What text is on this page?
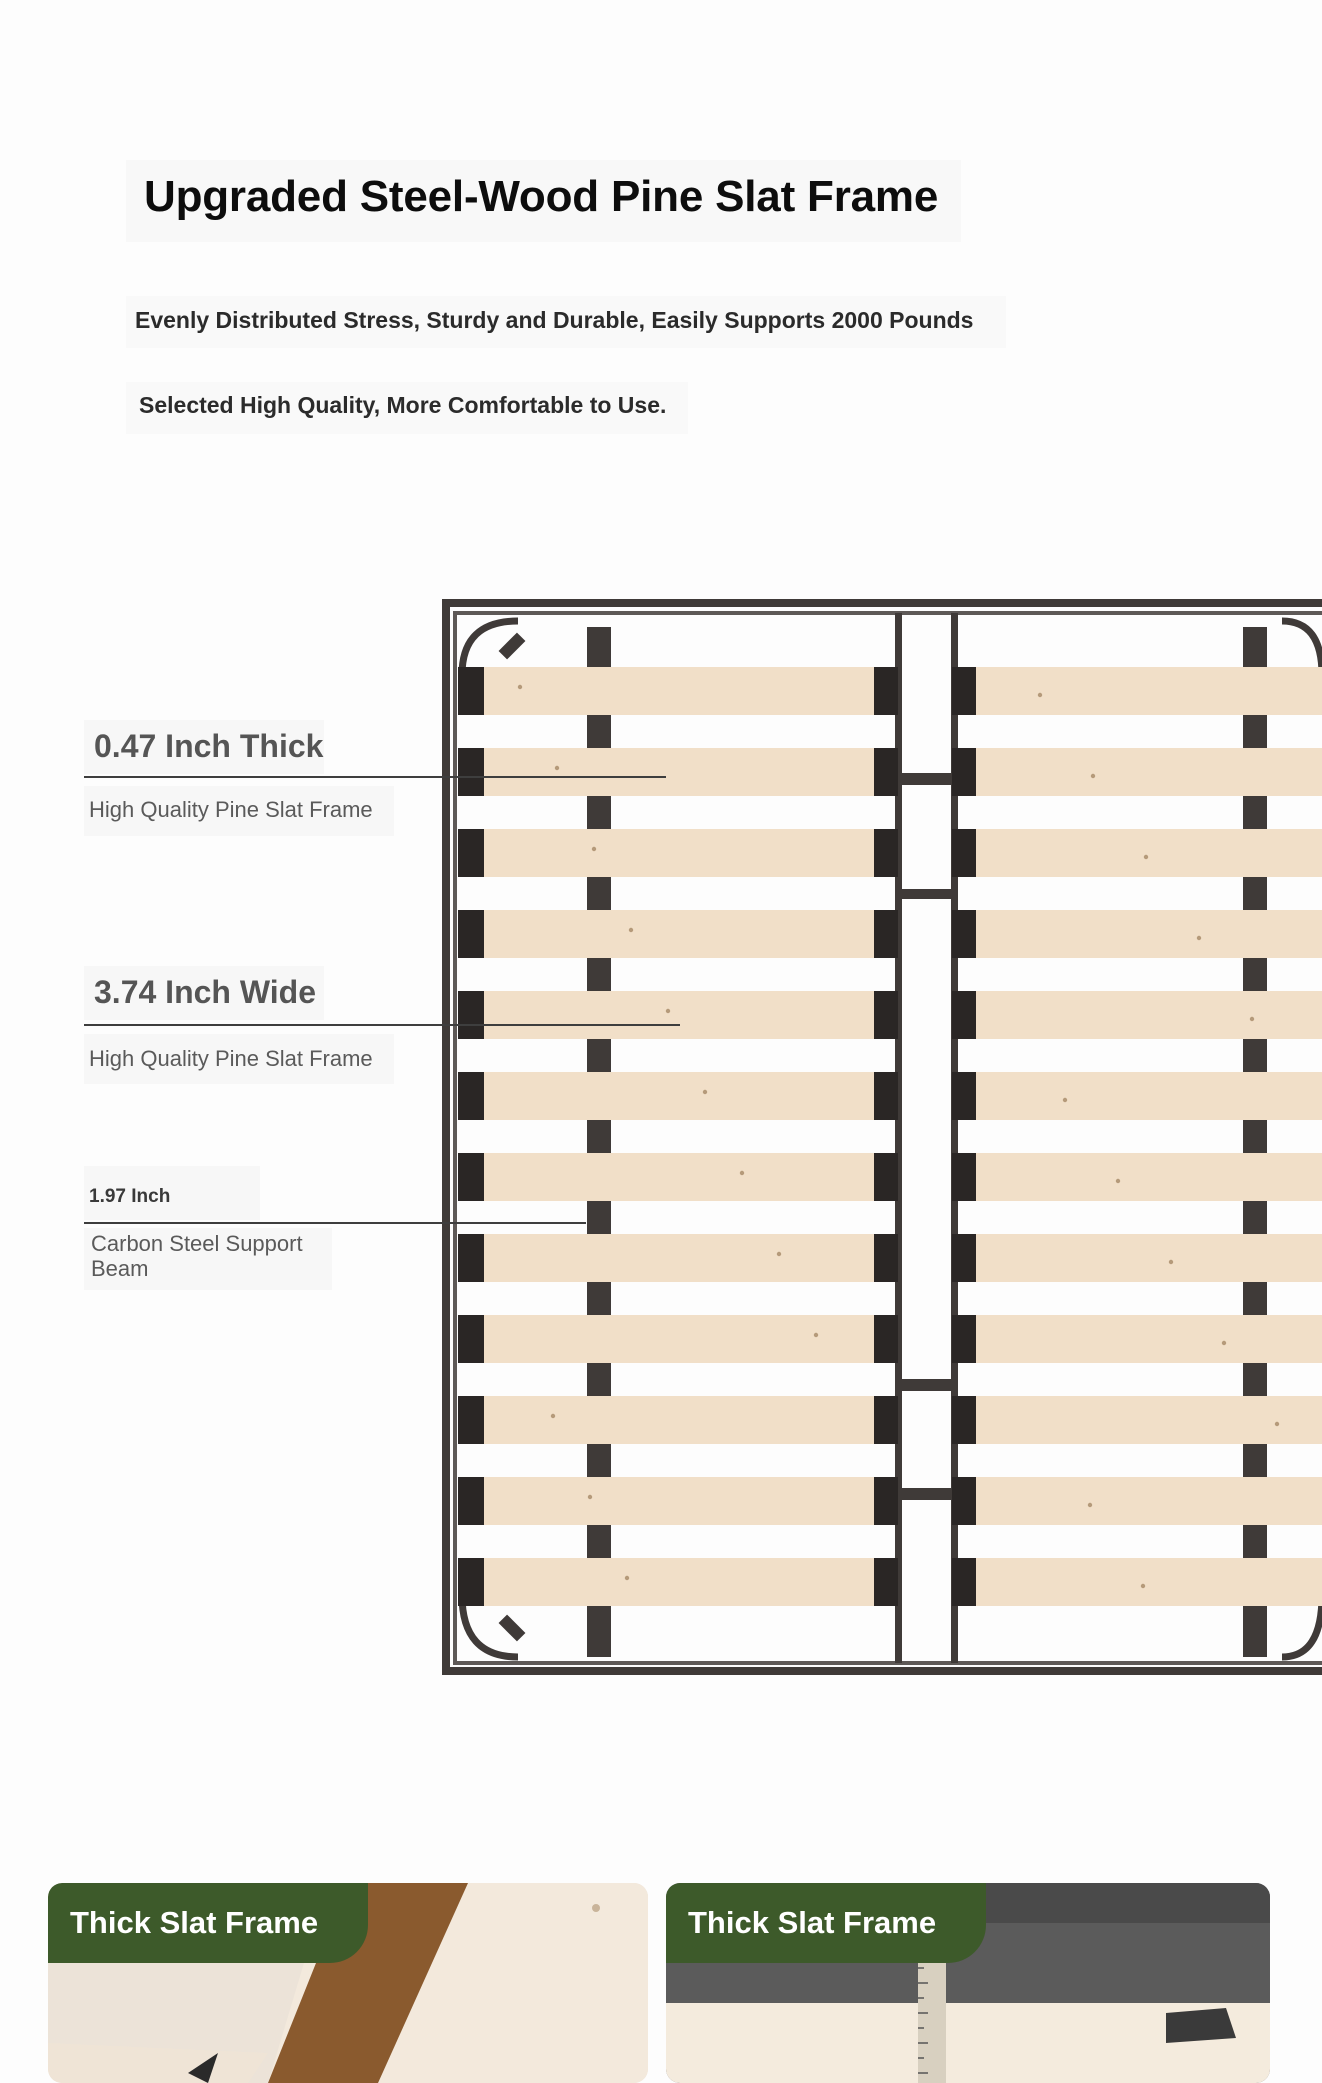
Upgraded Steel-Wood Pine Slat Frame
Evenly Distributed Stress, Sturdy and Durable, Easily Supports 2000 Pounds
Selected High Quality, More Comfortable to Use.
0.47 Inch Thick
High Quality Pine Slat Frame
3.74 Inch Wide
High Quality Pine Slat Frame
1.97 Inch
Carbon Steel Support Beam
Thick Slat Frame	Thick Slat Frame
